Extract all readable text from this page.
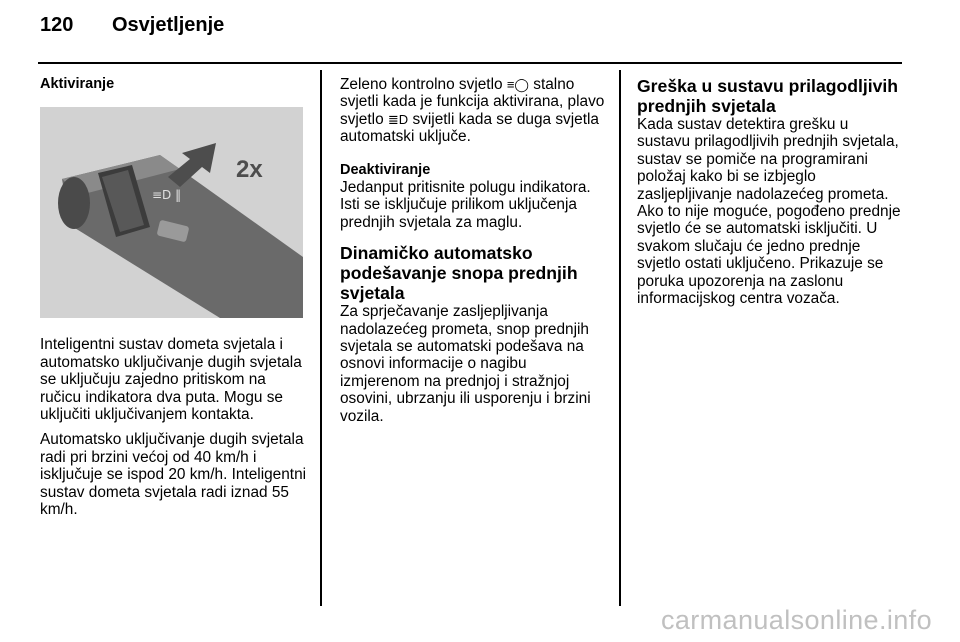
120 Osvjetljenje
Aktiviranje
≡D ‖
2x

Inteligentni sustav dometa svjetala i automatsko uključivanje dugih svjetala se uključuju zajedno pritiskom na ručicu indikatora dva puta. Mogu se uključiti uključivanjem kontakta.

Automatsko uključivanje dugih svjetala radi pri brzini većoj od 40 km/h i isključuje se ispod 20 km/h. Inteligentni sustav dometa svjetala radi iznad 55 km/h.

Zeleno kontrolno svjetlo ≡◯ stalno svjetli kada je funkcija aktivirana, plavo svjetlo ≣D svijetli kada se duga svjetla automatski uključe.

Deaktiviranje

Jedanput pritisnite polugu indikatora. Isti se isključuje prilikom uključenja prednjih svjetala za maglu.

Dinamičko automatsko podešavanje snopa prednjih svjetala

Za sprječavanje zasljepljivanja nadolazećeg prometa, snop prednjih svjetala se automatski podešava na osnovi informacije o nagibu izmjerenom na prednjoj i stražnjoj osovini, ubrzanju ili usporenju i brzini vozila.

Greška u sustavu prilagodljivih prednjih svjetala

Kada sustav detektira grešku u sustavu prilagodljivih prednjih svjetala, sustav se pomiče na programirani položaj kako bi se izbjeglo zasljepljivanje nadolazećeg prometa. Ako to nije moguće, pogođeno prednje svjetlo će se automatski isključiti. U svakom slučaju će jedno prednje svjetlo ostati uključeno. Prikazuje se poruka upozorenja na zaslonu informacijskog centra vozača.

carmanualsonline.info
